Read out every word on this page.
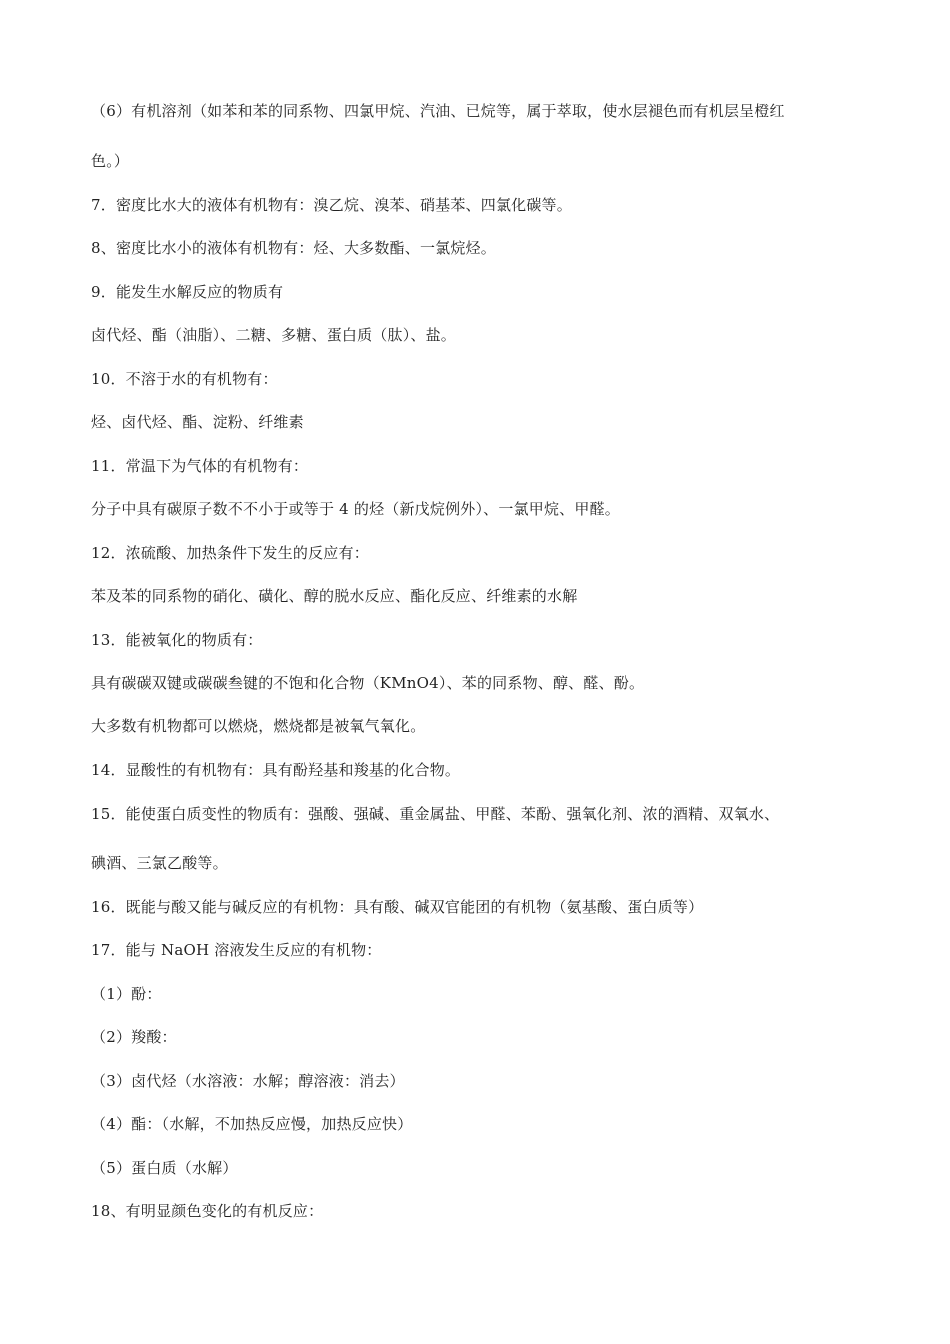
（6）有机溶剂（如苯和苯的同系物、四氯甲烷、汽油、已烷等，属于萃取，使水层褪色而有机层呈橙红
色。）
7．密度比水大的液体有机物有：溴乙烷、溴苯、硝基苯、四氯化碳等。
8、密度比水小的液体有机物有：烃、大多数酯、一氯烷烃。
9．能发生水解反应的物质有
卤代烃、酯（油脂）、二糖、多糖、蛋白质（肽）、盐。
10．不溶于水的有机物有：
烃、卤代烃、酯、淀粉、纤维素
11．常温下为气体的有机物有：
分子中具有碳原子数不不小于或等于 4 的烃（新戊烷例外）、一氯甲烷、甲醛。
12．浓硫酸、加热条件下发生的反应有：
苯及苯的同系物的硝化、磺化、醇的脱水反应、酯化反应、纤维素的水解
13．能被氧化的物质有：
具有碳碳双键或碳碳叁键的不饱和化合物（KMnO4）、苯的同系物、醇、醛、酚。
大多数有机物都可以燃烧，燃烧都是被氧气氧化。
14．显酸性的有机物有：具有酚羟基和羧基的化合物。
15．能使蛋白质变性的物质有：强酸、强碱、重金属盐、甲醛、苯酚、强氧化剂、浓的酒精、双氧水、
碘酒、三氯乙酸等。
16．既能与酸又能与碱反应的有机物：具有酸、碱双官能团的有机物（氨基酸、蛋白质等）
17．能与 NaOH 溶液发生反应的有机物：
（1）酚：
（2）羧酸：
（3）卤代烃（水溶液：水解；醇溶液：消去）
（4）酯：（水解，不加热反应慢，加热反应快）
（5）蛋白质（水解）
18、有明显颜色变化的有机反应：
